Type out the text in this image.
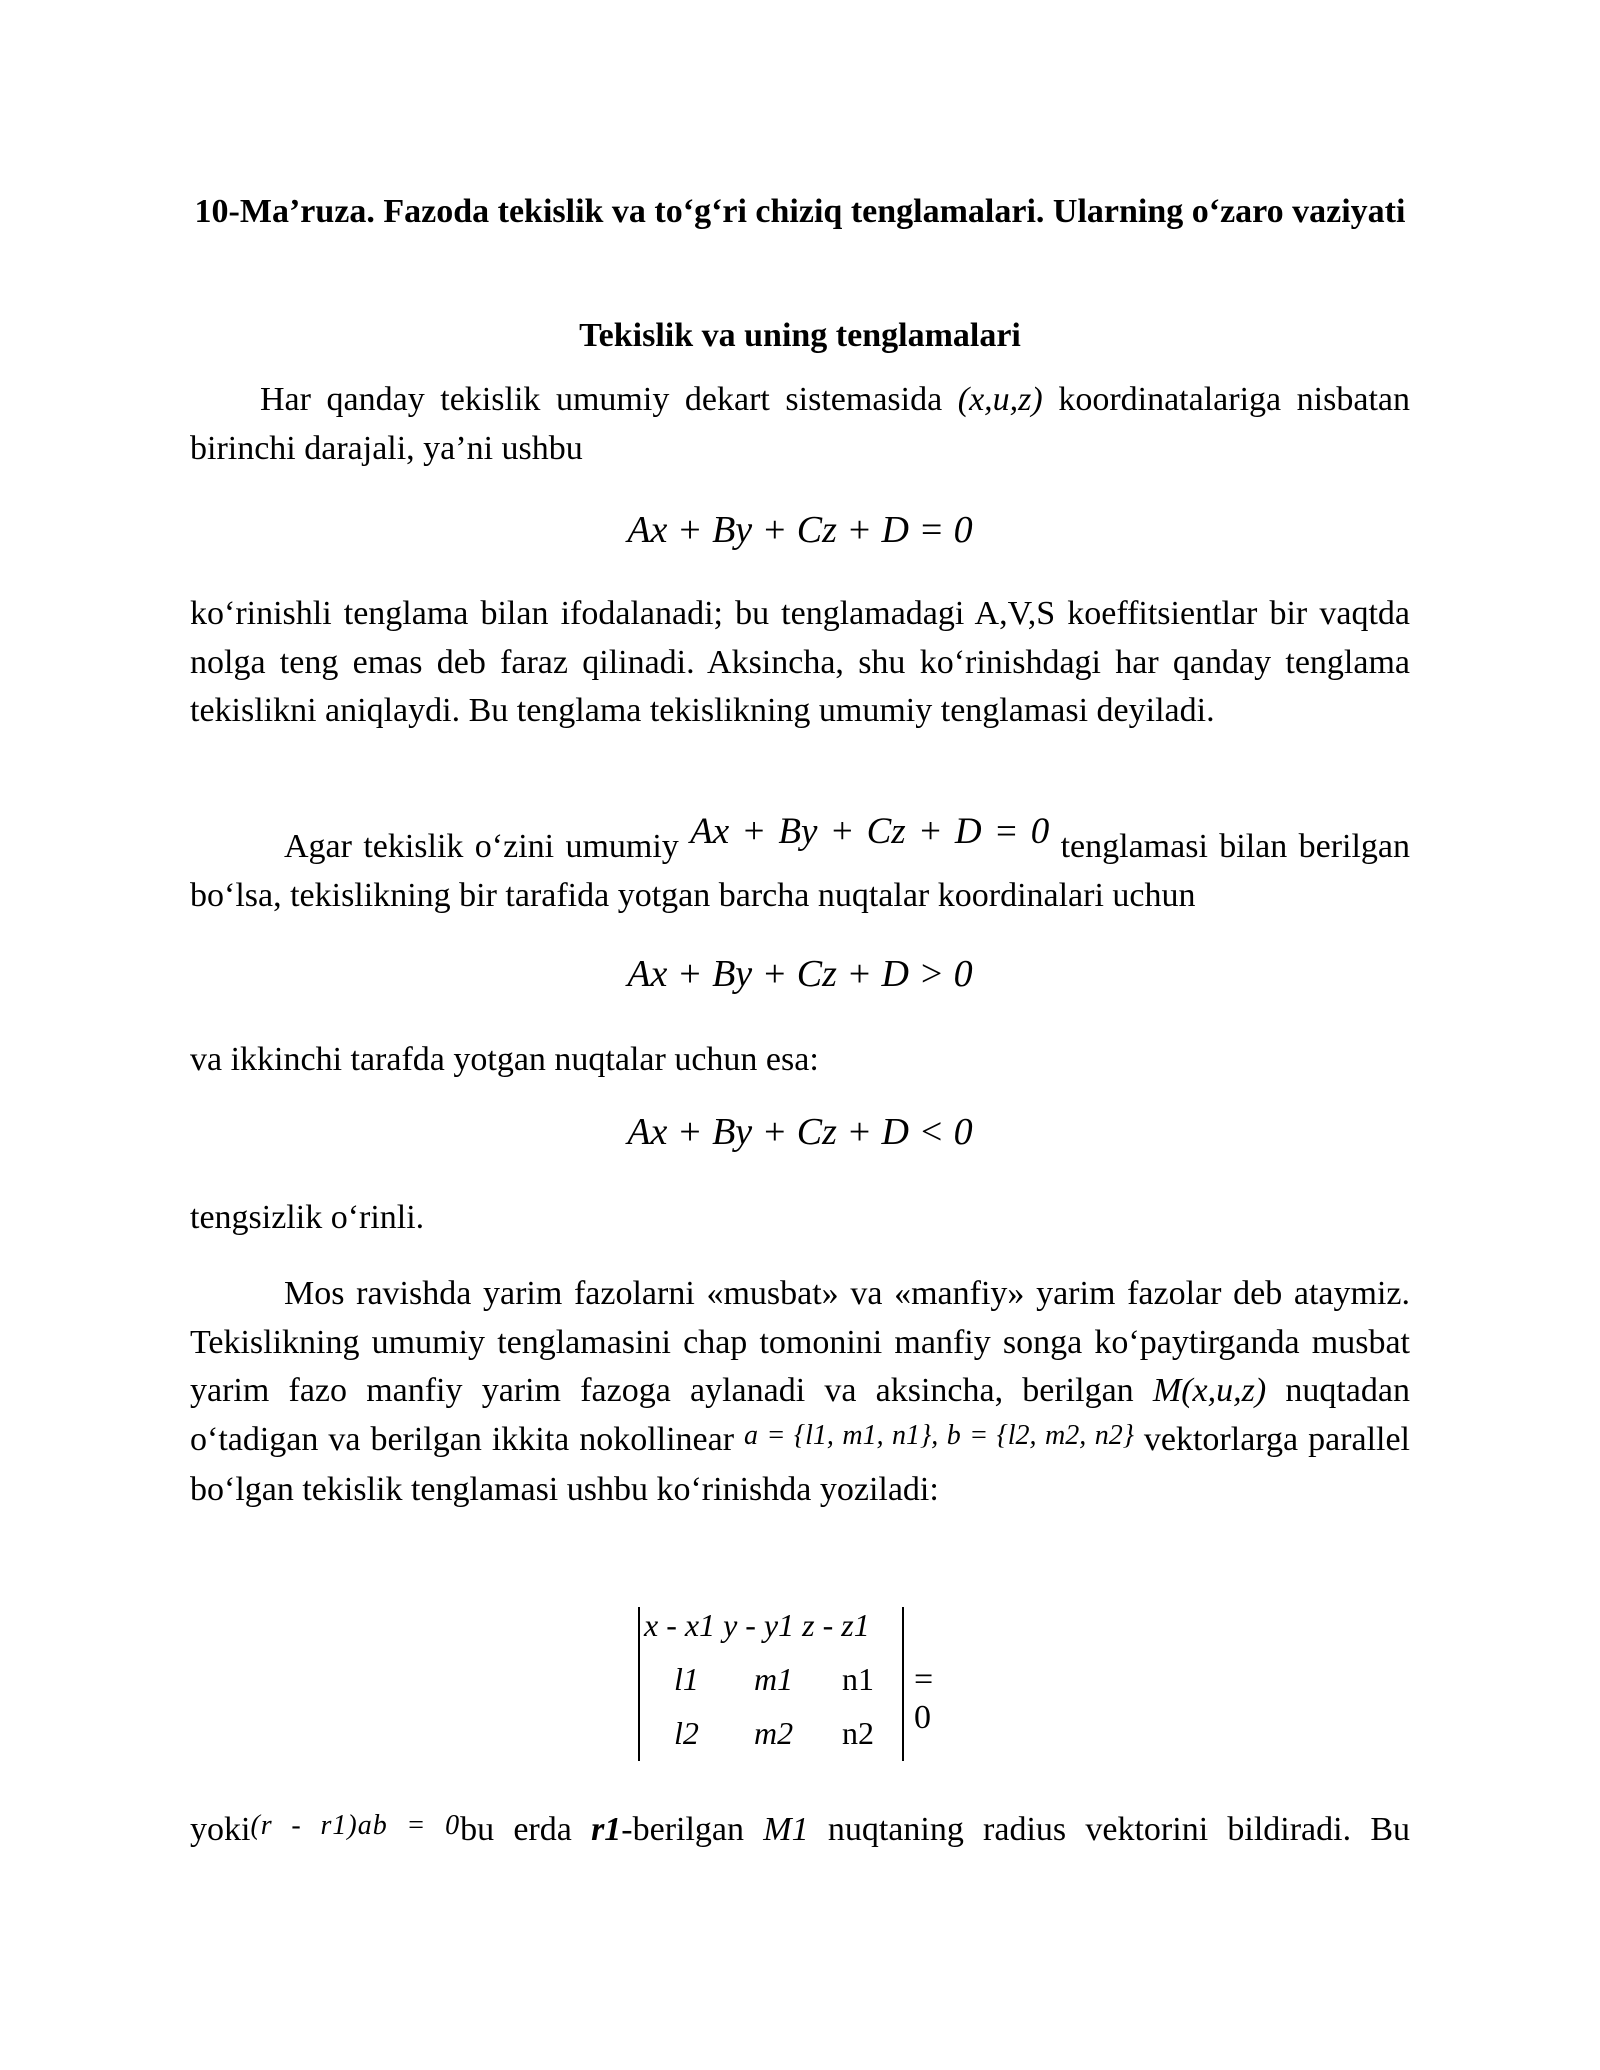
10-Ma’ruza. Fazoda tekislik va to‘g‘ri chiziq tenglamalari. Ularning o‘zaro vaziyati
Tekislik va uning tenglamalari
Har qanday tekislik umumiy dekart sistemasida (x,u,z) koordinatalariga nisbatan birinchi darajali, ya’ni ushbu
Ax + By + Cz + D = 0
ko‘rinishli tenglama bilan ifodalanadi; bu tenglamadagi A,V,S koeffitsientlar bir vaqtda nolga teng emas deb faraz qilinadi. Aksincha, shu ko‘rinishdagi har qanday tenglama tekislikni aniqlaydi. Bu tenglama tekislikning umumiy tenglamasi deyiladi.
Agar tekislik o‘zini umumiy Ax + By + Cz + D = 0 tenglamasi bilan berilgan bo‘lsa, tekislikning bir tarafida yotgan barcha nuqtalar koordinalari uchun
Ax + By + Cz + D > 0
va ikkinchi tarafda yotgan nuqtalar uchun esa:
Ax + By + Cz + D < 0
tengsizlik o‘rinli.
Mos ravishda yarim fazolarni «musbat» va «manfiy» yarim fazolar deb ataymiz. Tekislikning umumiy tenglamasini chap tomonini manfiy songa ko‘paytirganda musbat yarim fazo manfiy yarim fazoga aylanadi va aksincha, berilgan M(x,u,z) nuqtadan o‘tadigan va berilgan ikkita nokollinear a = {l1, m1, n1}, b = {l2, m2, n2} vektorlarga parallel bo‘lgan tekislik tenglamasi ushbu ko‘rinishda yoziladi:
x - x1 y - y1 z - z1
l1 m1 n1
l2 m2 n2
= 0
yoki(r - r1)ab = 0bu erda r1-berilgan M1 nuqtaning radius vektorini bildiradi. Bu
